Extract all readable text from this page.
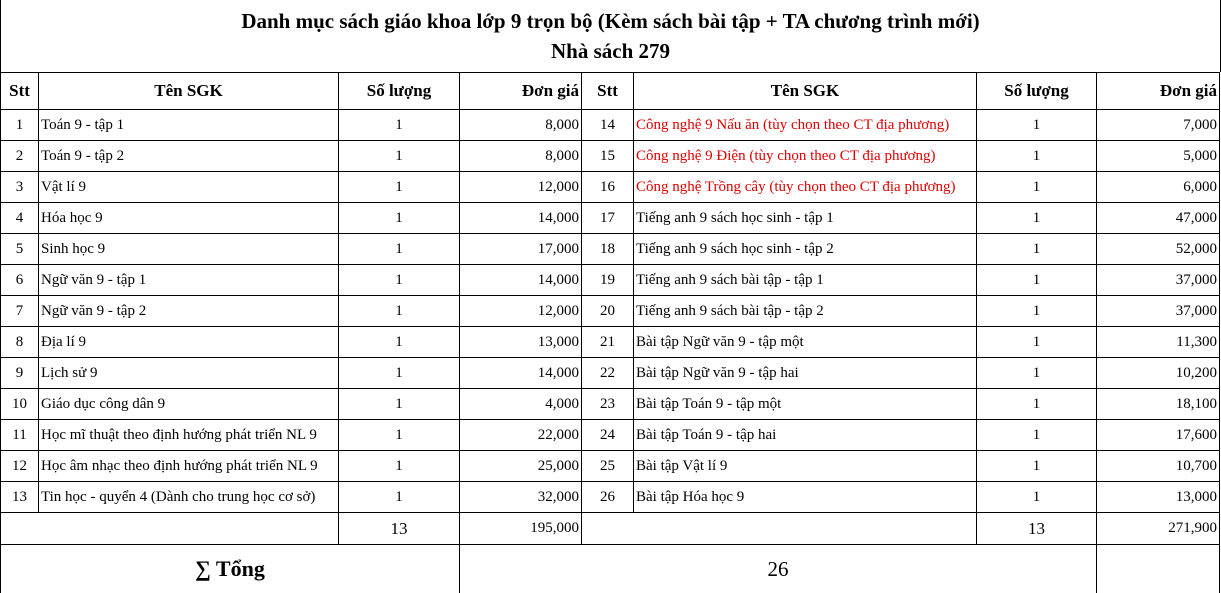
Danh mục sách giáo khoa lớp 9 trọn bộ (Kèm sách bài tập + TA chương trình mới)
Nhà sách 279
Stt	Tên SGK	Số lượng	Đơn giá	Stt	Tên SGK	Số lượng	Đơn giá
1	Toán 9 - tập 1	1	8,000	14	Công nghệ 9 Nấu ăn (tùy chọn theo CT địa phương)	1	7,000
2	Toán 9 - tập 2	1	8,000	15	Công nghệ 9 Điện (tùy chọn theo CT địa phương)	1	5,000
3	Vật lí 9	1	12,000	16	Công nghệ Trồng cây (tùy chọn theo CT địa phương)	1	6,000
4	Hóa học 9	1	14,000	17	Tiếng anh 9 sách học sinh - tập 1	1	47,000
5	Sinh học 9	1	17,000	18	Tiếng anh 9 sách học sinh - tập 2	1	52,000
6	Ngữ văn 9 - tập 1	1	14,000	19	Tiếng anh 9 sách bài tập - tập 1	1	37,000
7	Ngữ văn 9 - tập 2	1	12,000	20	Tiếng anh 9 sách bài tập - tập 2	1	37,000
8	Địa lí 9	1	13,000	21	Bài tập Ngữ văn 9 - tập một	1	11,300
9	Lịch sử 9	1	14,000	22	Bài tập Ngữ văn 9 - tập hai	1	10,200
10	Giáo dục công dân 9	1	4,000	23	Bài tập Toán 9 - tập một	1	18,100
11	Học mĩ thuật theo định hướng phát triển NL 9	1	22,000	24	Bài tập Toán 9 - tập hai	1	17,600
12	Học âm nhạc theo định hướng phát triển NL 9	1	25,000	25	Bài tập Vật lí 9	1	10,700
13	Tin học - quyển 4 (Dành cho trung học cơ sở)	1	32,000	26	Bài tập Hóa học 9	1	13,000
		13	195,000			13	271,900
∑ Tổng			26				
